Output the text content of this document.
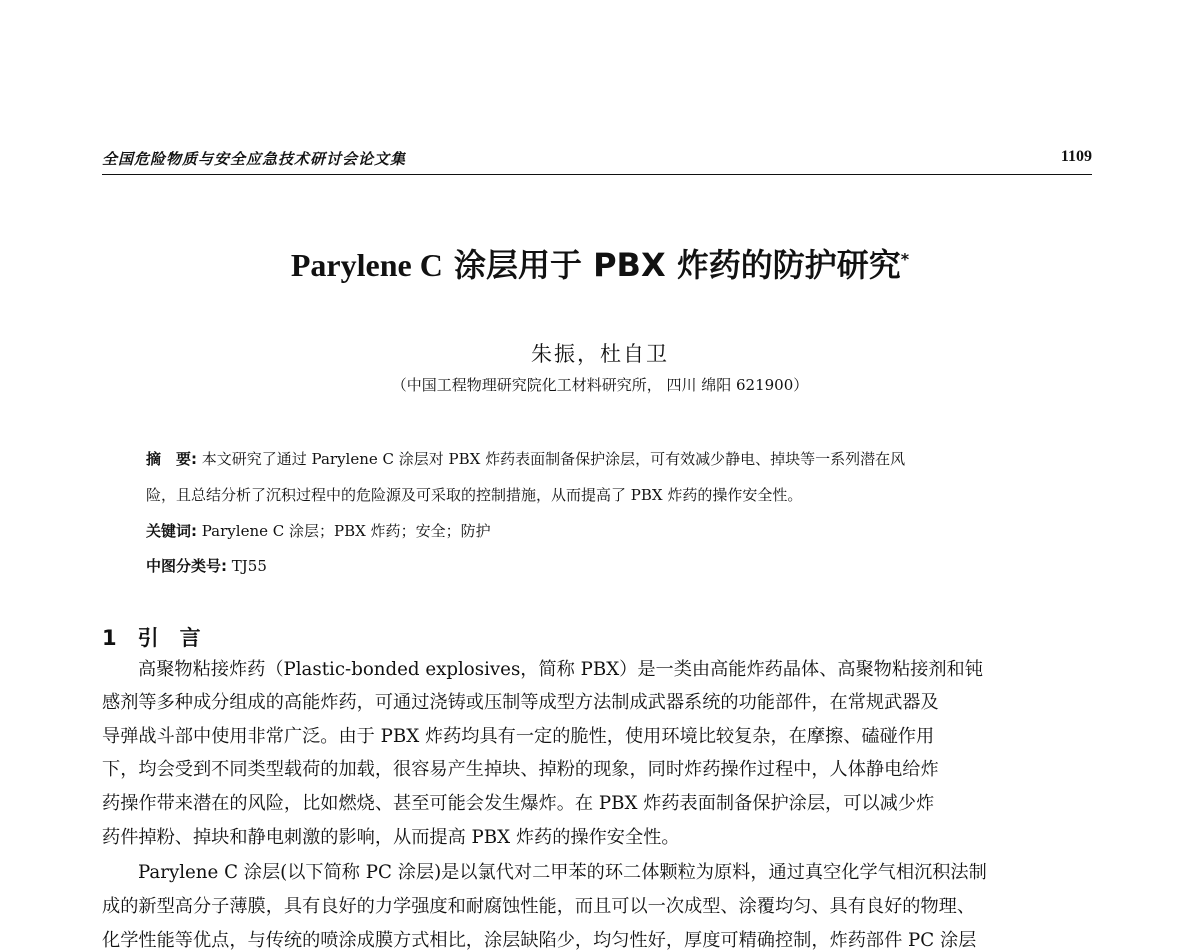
全国危险物质与安全应急技术研讨会论文集	1109
Parylene C 涂层用于 PBX 炸药的防护研究*
朱振，杜自卫
（中国工程物理研究院化工材料研究所， 四川 绵阳 621900）
摘　要: 本文研究了通过 Parylene C 涂层对 PBX 炸药表面制备保护涂层，可有效减少静电、掉块等一系列潜在风
险，且总结分析了沉积过程中的危险源及可采取的控制措施，从而提高了 PBX 炸药的操作安全性。
关键词: Parylene C 涂层；PBX 炸药；安全；防护
中图分类号: TJ55
1　引　言
高聚物粘接炸药（Plastic-bonded explosives，简称 PBX）是一类由高能炸药晶体、高聚物粘接剂和钝
感剂等多种成分组成的高能炸药，可通过浇铸或压制等成型方法制成武器系统的功能部件，在常规武器及
导弹战斗部中使用非常广泛。由于 PBX 炸药均具有一定的脆性，使用环境比较复杂，在摩擦、磕碰作用
下，均会受到不同类型载荷的加载，很容易产生掉块、掉粉的现象，同时炸药操作过程中，人体静电给炸
药操作带来潜在的风险，比如燃烧、甚至可能会发生爆炸。在 PBX 炸药表面制备保护涂层，可以减少炸
药件掉粉、掉块和静电刺激的影响，从而提高 PBX 炸药的操作安全性。
Parylene C 涂层(以下简称 PC 涂层)是以氯代对二甲苯的环二体颗粒为原料，通过真空化学气相沉积法制
成的新型高分子薄膜，具有良好的力学强度和耐腐蚀性能，而且可以一次成型、涂覆均匀、具有良好的物理、
化学性能等优点，与传统的喷涂成膜方式相比，涂层缺陷少，均匀性好，厚度可精确控制，炸药部件 PC 涂层
